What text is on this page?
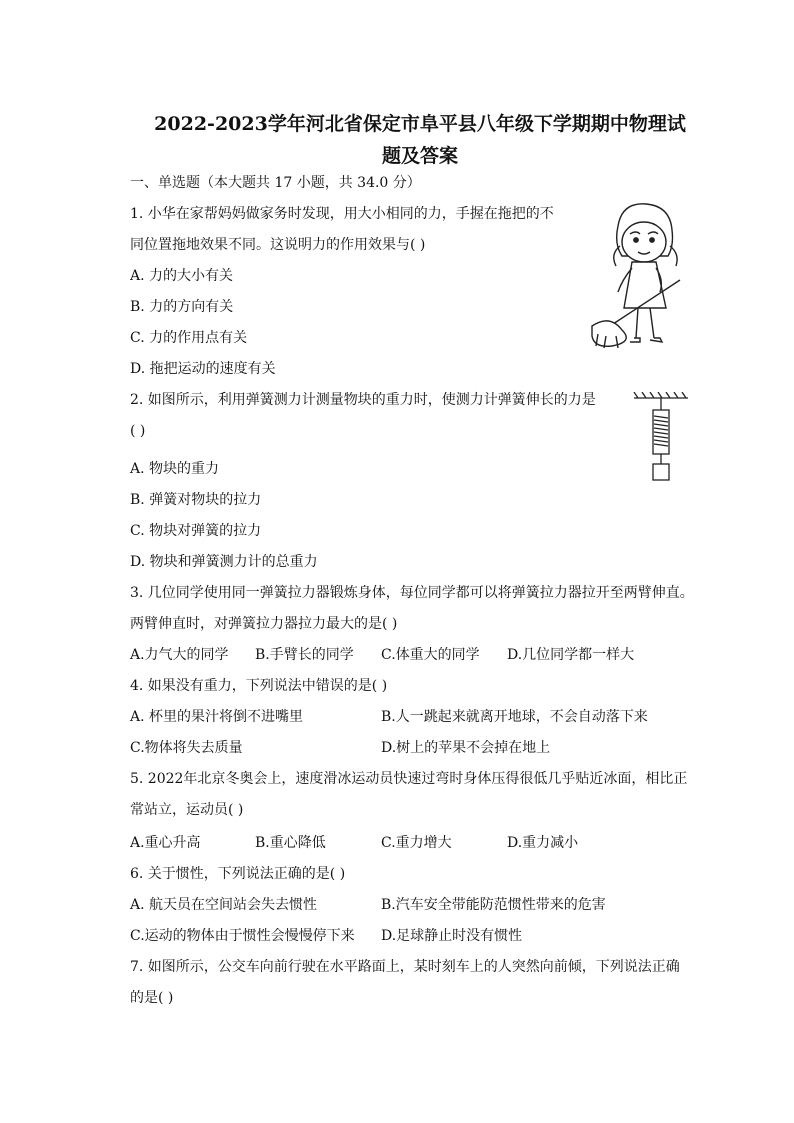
2022-2023学年河北省保定市阜平县八年级下学期期中物理试
题及答案
一、单选题（本大题共 17 小题，共 34.0 分）
1. 小华在家帮妈妈做家务时发现，用大小相同的力，手握在拖把的不
同位置拖地效果不同。这说明力的作用效果与( )
A. 力的大小有关
B. 力的方向有关
C. 力的作用点有关
D. 拖把运动的速度有关
2. 如图所示，利用弹簧测力计测量物块的重力时，使测力计弹簧伸长的力是
( )
A. 物块的重力
B. 弹簧对物块的拉力
C. 物块对弹簧的拉力
D. 物块和弹簧测力计的总重力
3. 几位同学使用同一弹簧拉力器锻炼身体，每位同学都可以将弹簧拉力器拉开至两臂伸直。
两臂伸直时，对弹簧拉力器拉力最大的是( )
A.力气大的同学 B.手臂长的同学 C.体重大的同学 D.几位同学都一样大
4. 如果没有重力，下列说法中错误的是( )
A. 杯里的果汁将倒不进嘴里	B.人一跳起来就离开地球，不会自动落下来
C.物体将失去质量	D.树上的苹果不会掉在地上
5. 2022年北京冬奥会上，速度滑冰运动员快速过弯时身体压得很低几乎贴近冰面，相比正
常站立，运动员( )
A.重心升高	B.重心降低	C.重力增大	D.重力减小
6. 关于惯性，下列说法正确的是( )
A. 航天员在空间站会失去惯性	B.汽车安全带能防范惯性带来的危害
C.运动的物体由于惯性会慢慢停下来 D.足球静止时没有惯性
7. 如图所示，公交车向前行驶在水平路面上，某时刻车上的人突然向前倾，下列说法正确
的是( )
